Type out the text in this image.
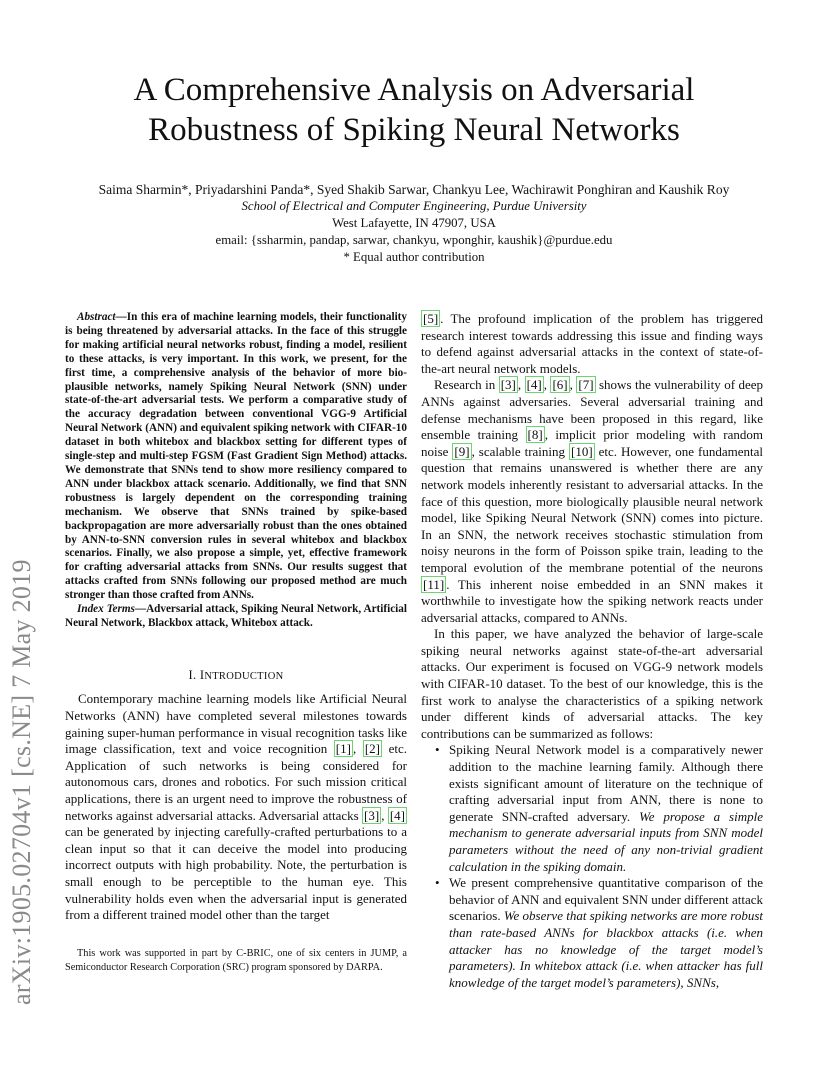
arXiv:1905.02704v1 [cs.NE] 7 May 2019
A Comprehensive Analysis on Adversarial
Robustness of Spiking Neural Networks
Saima Sharmin*, Priyadarshini Panda*, Syed Shakib Sarwar, Chankyu Lee, Wachirawit Ponghiran and Kaushik Roy
School of Electrical and Computer Engineering, Purdue University
West Lafayette, IN 47907, USA
email: {ssharmin, pandap, sarwar, chankyu, wponghir, kaushik}@purdue.edu
* Equal author contribution

Abstract—In this era of machine learning models, their functionality is being threatened by adversarial attacks. In the face of this struggle for making artificial neural networks robust, finding a model, resilient to these attacks, is very important. In this work, we present, for the first time, a comprehensive analysis of the behavior of more bio-plausible networks, namely Spiking Neural Network (SNN) under state-of-the-art adversarial tests. We perform a comparative study of the accuracy degradation between conventional VGG-9 Artificial Neural Network (ANN) and equivalent spiking network with CIFAR-10 dataset in both whitebox and blackbox setting for different types of single-step and multi-step FGSM (Fast Gradient Sign Method) attacks. We demonstrate that SNNs tend to show more resiliency compared to ANN under blackbox attack scenario. Additionally, we find that SNN robustness is largely dependent on the corresponding training mechanism. We observe that SNNs trained by spike-based backpropagation are more adversarially robust than the ones obtained by ANN-to-SNN conversion rules in several whitebox and blackbox scenarios. Finally, we also propose a simple, yet, effective framework for crafting adversarial attacks from SNNs. Our results suggest that attacks crafted from SNNs following our proposed method are much stronger than those crafted from ANNs.

Index Terms—Adversarial attack, Spiking Neural Network, Artificial Neural Network, Blackbox attack, Whitebox attack.

I. INTRODUCTION

Contemporary machine learning models like Artificial Neural Networks (ANN) have completed several milestones towards gaining super-human performance in visual recognition tasks like image classification, text and voice recognition [1] , [2] etc. Application of such networks is being considered for autonomous cars, drones and robotics. For such mission critical applications, there is an urgent need to improve the robustness of networks against adversarial attacks. Adversarial attacks [3] , [4] can be generated by injecting carefully-crafted perturbations to a clean input so that it can deceive the model into producing incorrect outputs with high probability. Note, the perturbation is small enough to be perceptible to the human eye. This vulnerability holds even when the adversarial input is generated from a different trained model other than the target

This work was supported in part by C-BRIC, one of six centers in JUMP, a Semiconductor Research Corporation (SRC) program sponsored by DARPA.

[5] . The profound implication of the problem has triggered research interest towards addressing this issue and finding ways to defend against adversarial attacks in the context of state-of-the-art neural network models.

Research in [3] , [4] , [6] , [7] shows the vulnerability of deep ANNs against adversaries. Several adversarial training and defense mechanisms have been proposed in this regard, like ensemble training [8] , implicit prior modeling with random noise [9] , scalable training [10] etc. However, one fundamental question that remains unanswered is whether there are any network models inherently resistant to adversarial attacks. In the face of this question, more biologically plausible neural network model, like Spiking Neural Network (SNN) comes into picture. In an SNN, the network receives stochastic stimulation from noisy neurons in the form of Poisson spike train, leading to the temporal evolution of the membrane potential of the neurons [11] . This inherent noise embedded in an SNN makes it worthwhile to investigate how the spiking network reacts under adversarial attacks, compared to ANNs.

In this paper, we have analyzed the behavior of large-scale spiking neural networks against state-of-the-art adversarial attacks. Our experiment is focused on VGG-9 network models with CIFAR-10 dataset. To the best of our knowledge, this is the first work to analyse the characteristics of a spiking network under different kinds of adversarial attacks. The key contributions can be summarized as follows:

• Spiking Neural Network model is a comparatively newer addition to the machine learning family. Although there exists significant amount of literature on the technique of crafting adversarial input from ANN, there is none to generate SNN-crafted adversary. We propose a simple mechanism to generate adversarial inputs from SNN model parameters without the need of any non-trivial gradient calculation in the spiking domain.
• We present comprehensive quantitative comparison of the behavior of ANN and equivalent SNN under different attack scenarios. We observe that spiking networks are more robust than rate-based ANNs for blackbox attacks (i.e. when attacker has no knowledge of the target model’s parameters). In whitebox attack (i.e. when attacker has full knowledge of the target model’s parameters), SNNs,
